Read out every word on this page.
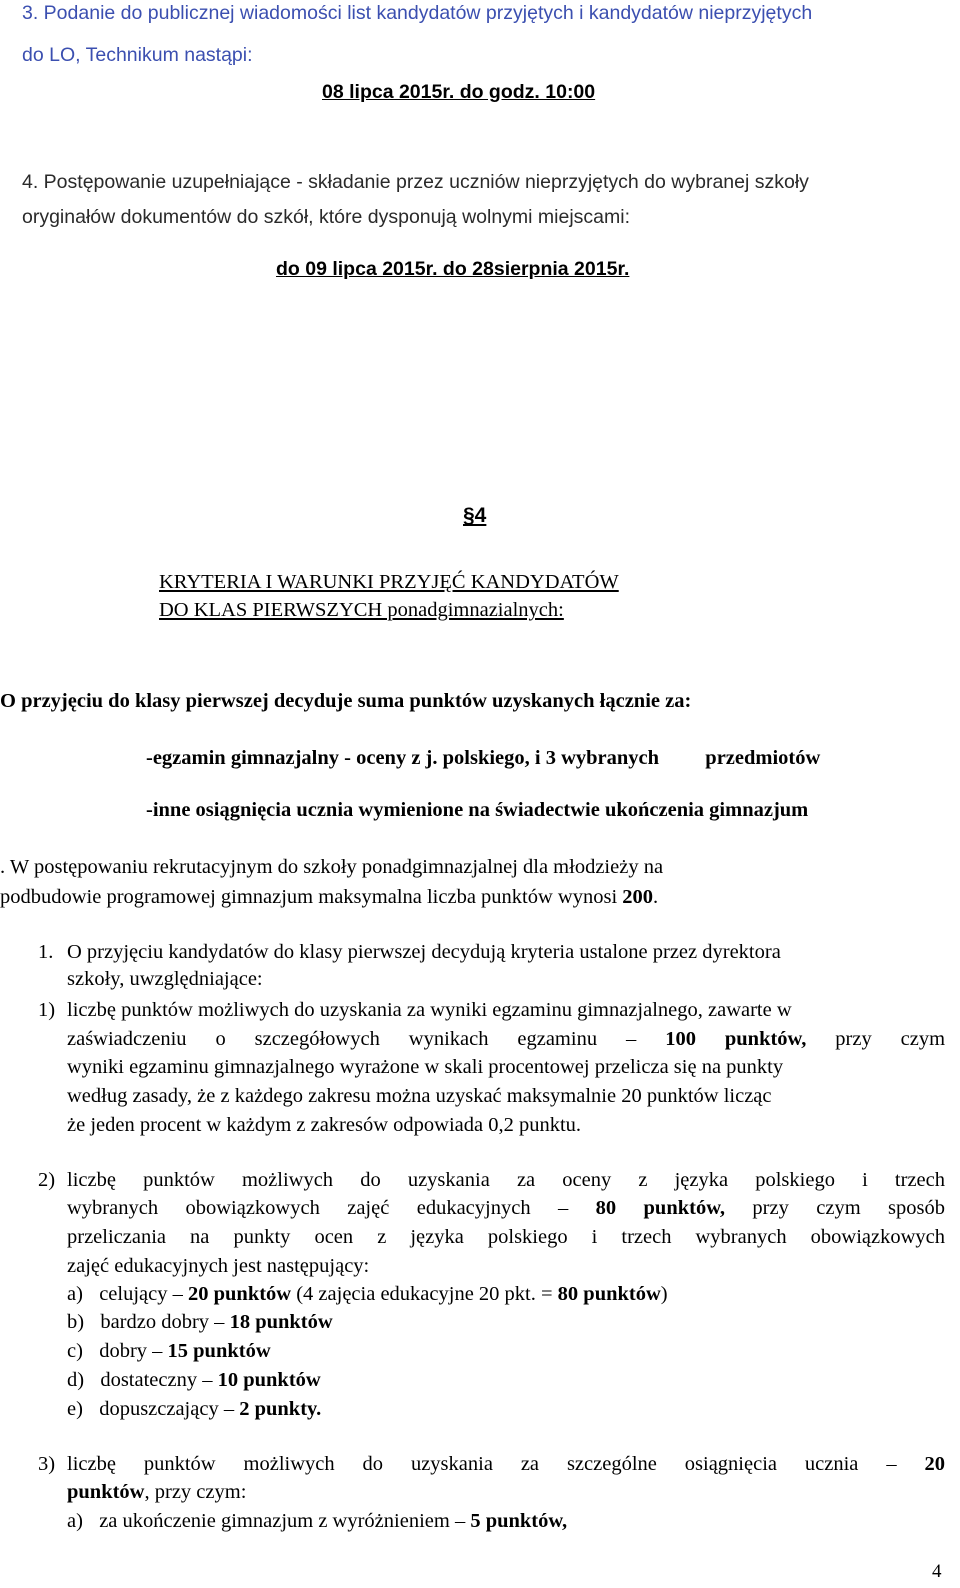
3. Podanie do publicznej wiadomości list kandydatów przyjętych i kandydatów nieprzyjętych
do LO, Technikum nastąpi:
08 lipca 2015r. do godz. 10:00
4. Postępowanie uzupełniające - składanie przez uczniów nieprzyjętych do wybranej szkoły
oryginałów dokumentów do szkół, które dysponują wolnymi miejscami:
do 09 lipca 2015r. do 28sierpnia 2015r.
§4
KRYTERIA I WARUNKI PRZYJĘĆ KANDYDATÓW
DO KLAS PIERWSZYCH ponadgimnazialnych:
O przyjęciu do klasy pierwszej decyduje suma punktów uzyskanych łącznie za:
-egzamin gimnazjalny - oceny z j. polskiego, i 3 wybranych przedmiotów
-inne osiągnięcia ucznia wymienione na świadectwie ukończenia gimnazjum
. W postępowaniu rekrutacyjnym do szkoły ponadgimnazjalnej dla młodzieży na
podbudowie programowej gimnazjum maksymalna liczba punktów wynosi 200.
1. O przyjęciu kandydatów do klasy pierwszej decydują kryteria ustalone przez dyrektora
szkoły, uwzględniające:
1) liczbę punktów możliwych do uzyskania za wyniki egzaminu gimnazjalnego, zawarte w
zaświadczeniu o szczegółowych wynikach egzaminu – 100 punktów, przy czym
wyniki egzaminu gimnazjalnego wyrażone w skali procentowej przelicza się na punkty
według zasady, że z każdego zakresu można uzyskać maksymalnie 20 punktów licząc
że jeden procent w każdym z zakresów odpowiada 0,2 punktu.
2) liczbę punktów możliwych do uzyskania za oceny z języka polskiego i trzech
wybranych obowiązkowych zajęć edukacyjnych – 80 punktów, przy czym sposób
przeliczania na punkty ocen z języka polskiego i trzech wybranych obowiązkowych
zajęć edukacyjnych jest następujący:
a) celujący – 20 punktów (4 zajęcia edukacyjne 20 pkt. = 80 punktów)
b) bardzo dobry – 18 punktów
c) dobry – 15 punktów
d) dostateczny – 10 punktów
e) dopuszczający – 2 punkty.
3) liczbę punktów możliwych do uzyskania za szczególne osiągnięcia ucznia – 20
punktów, przy czym:
a) za ukończenie gimnazjum z wyróżnieniem – 5 punktów,
4
